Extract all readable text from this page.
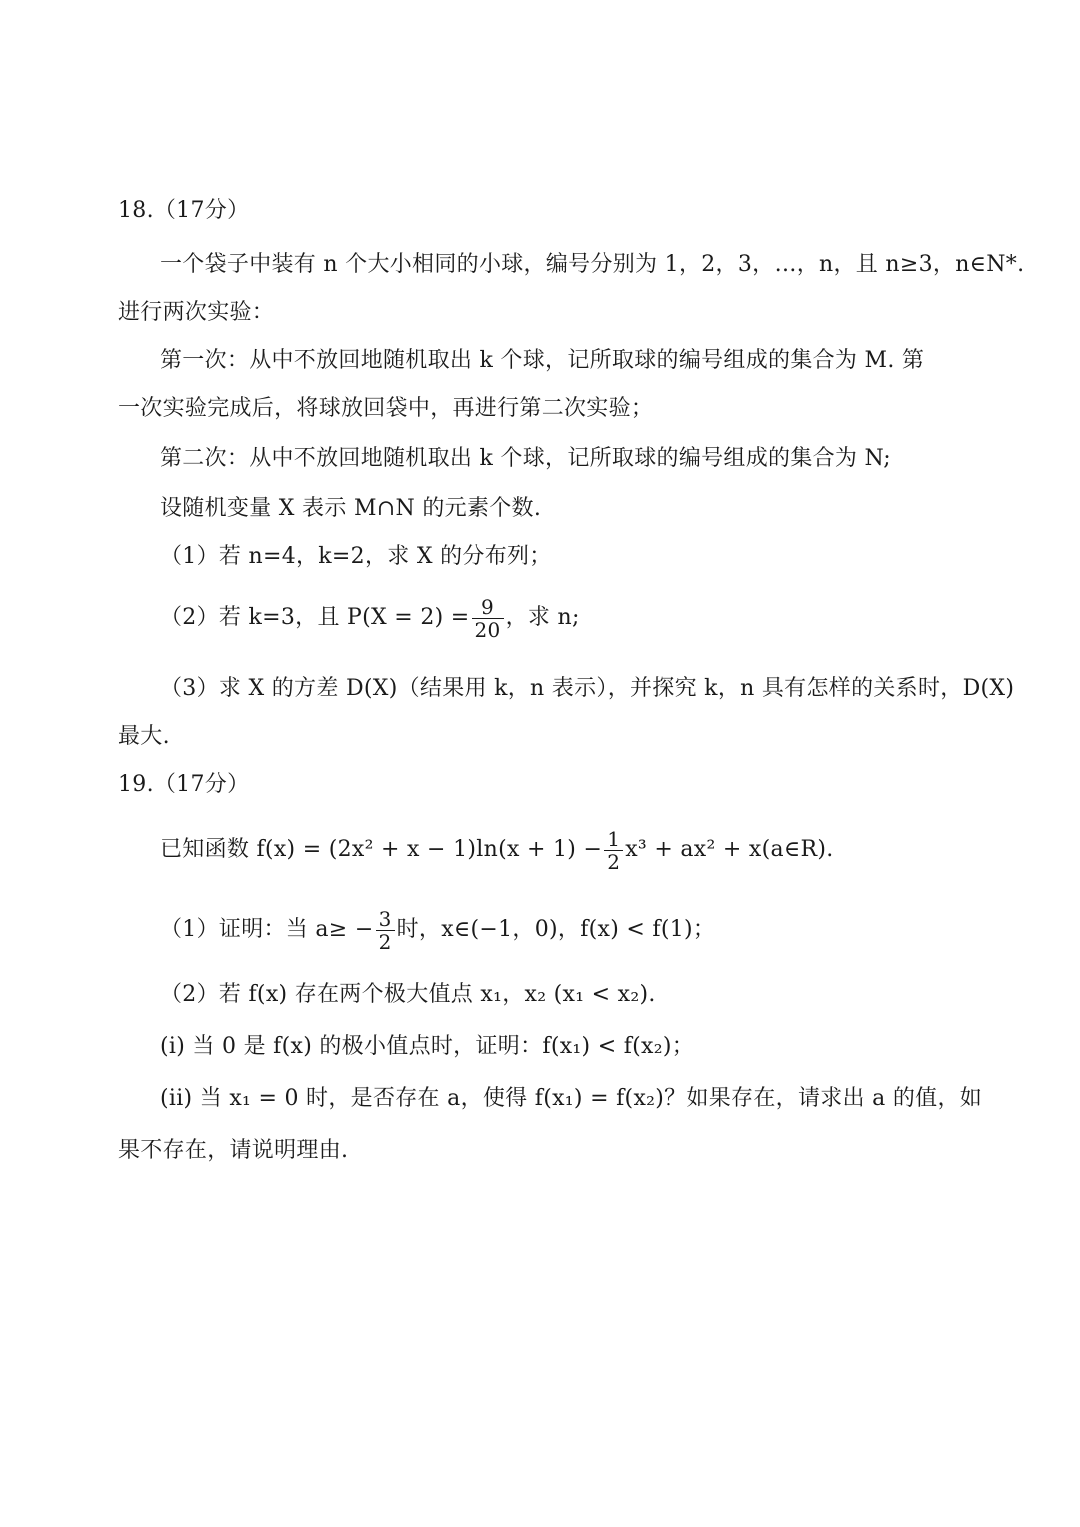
18.（17分）
一个袋子中装有 n 个大小相同的小球，编号分别为 1，2，3，…，n，且 n≥3，n∈N*.
进行两次实验：
第一次：从中不放回地随机取出 k 个球，记所取球的编号组成的集合为 M. 第
一次实验完成后，将球放回袋中，再进行第二次实验；
第二次：从中不放回地随机取出 k 个球，记所取球的编号组成的集合为 N;
设随机变量 X 表示 M∩N 的元素个数.
（1）若 n=4，k=2，求 X 的分布列；
（2）若 k=3，且 $P(X = 2) = \frac{9}{20}$ ，求 n;
（3）求 X 的方差 D(X)（结果用 k，n 表示），并探究 k，n 具有怎样的关系时，D(X)
最大.
19.（17分）
已知函数 $f(x) = (2x^2 + x - 1)\ln(x + 1) - \frac{1}{2} x^3 + ax^2$ + x(a∈R).
（1）证明：当 $a\ge - \frac{3}{2}$ 时，x∈(−1，0)，f(x) < f(1)；
（2）若 f(x) 存在两个极大值点 x₁，x₂ (x₁ < x₂).
(i) 当 0 是 f(x) 的极小值点时，证明：f(x₁) < f(x₂)；
(ii) 当 x₁ = 0 时，是否存在 a，使得 f(x₁) = f(x₂)？如果存在，请求出 a 的值，如
果不存在，请说明理由.
